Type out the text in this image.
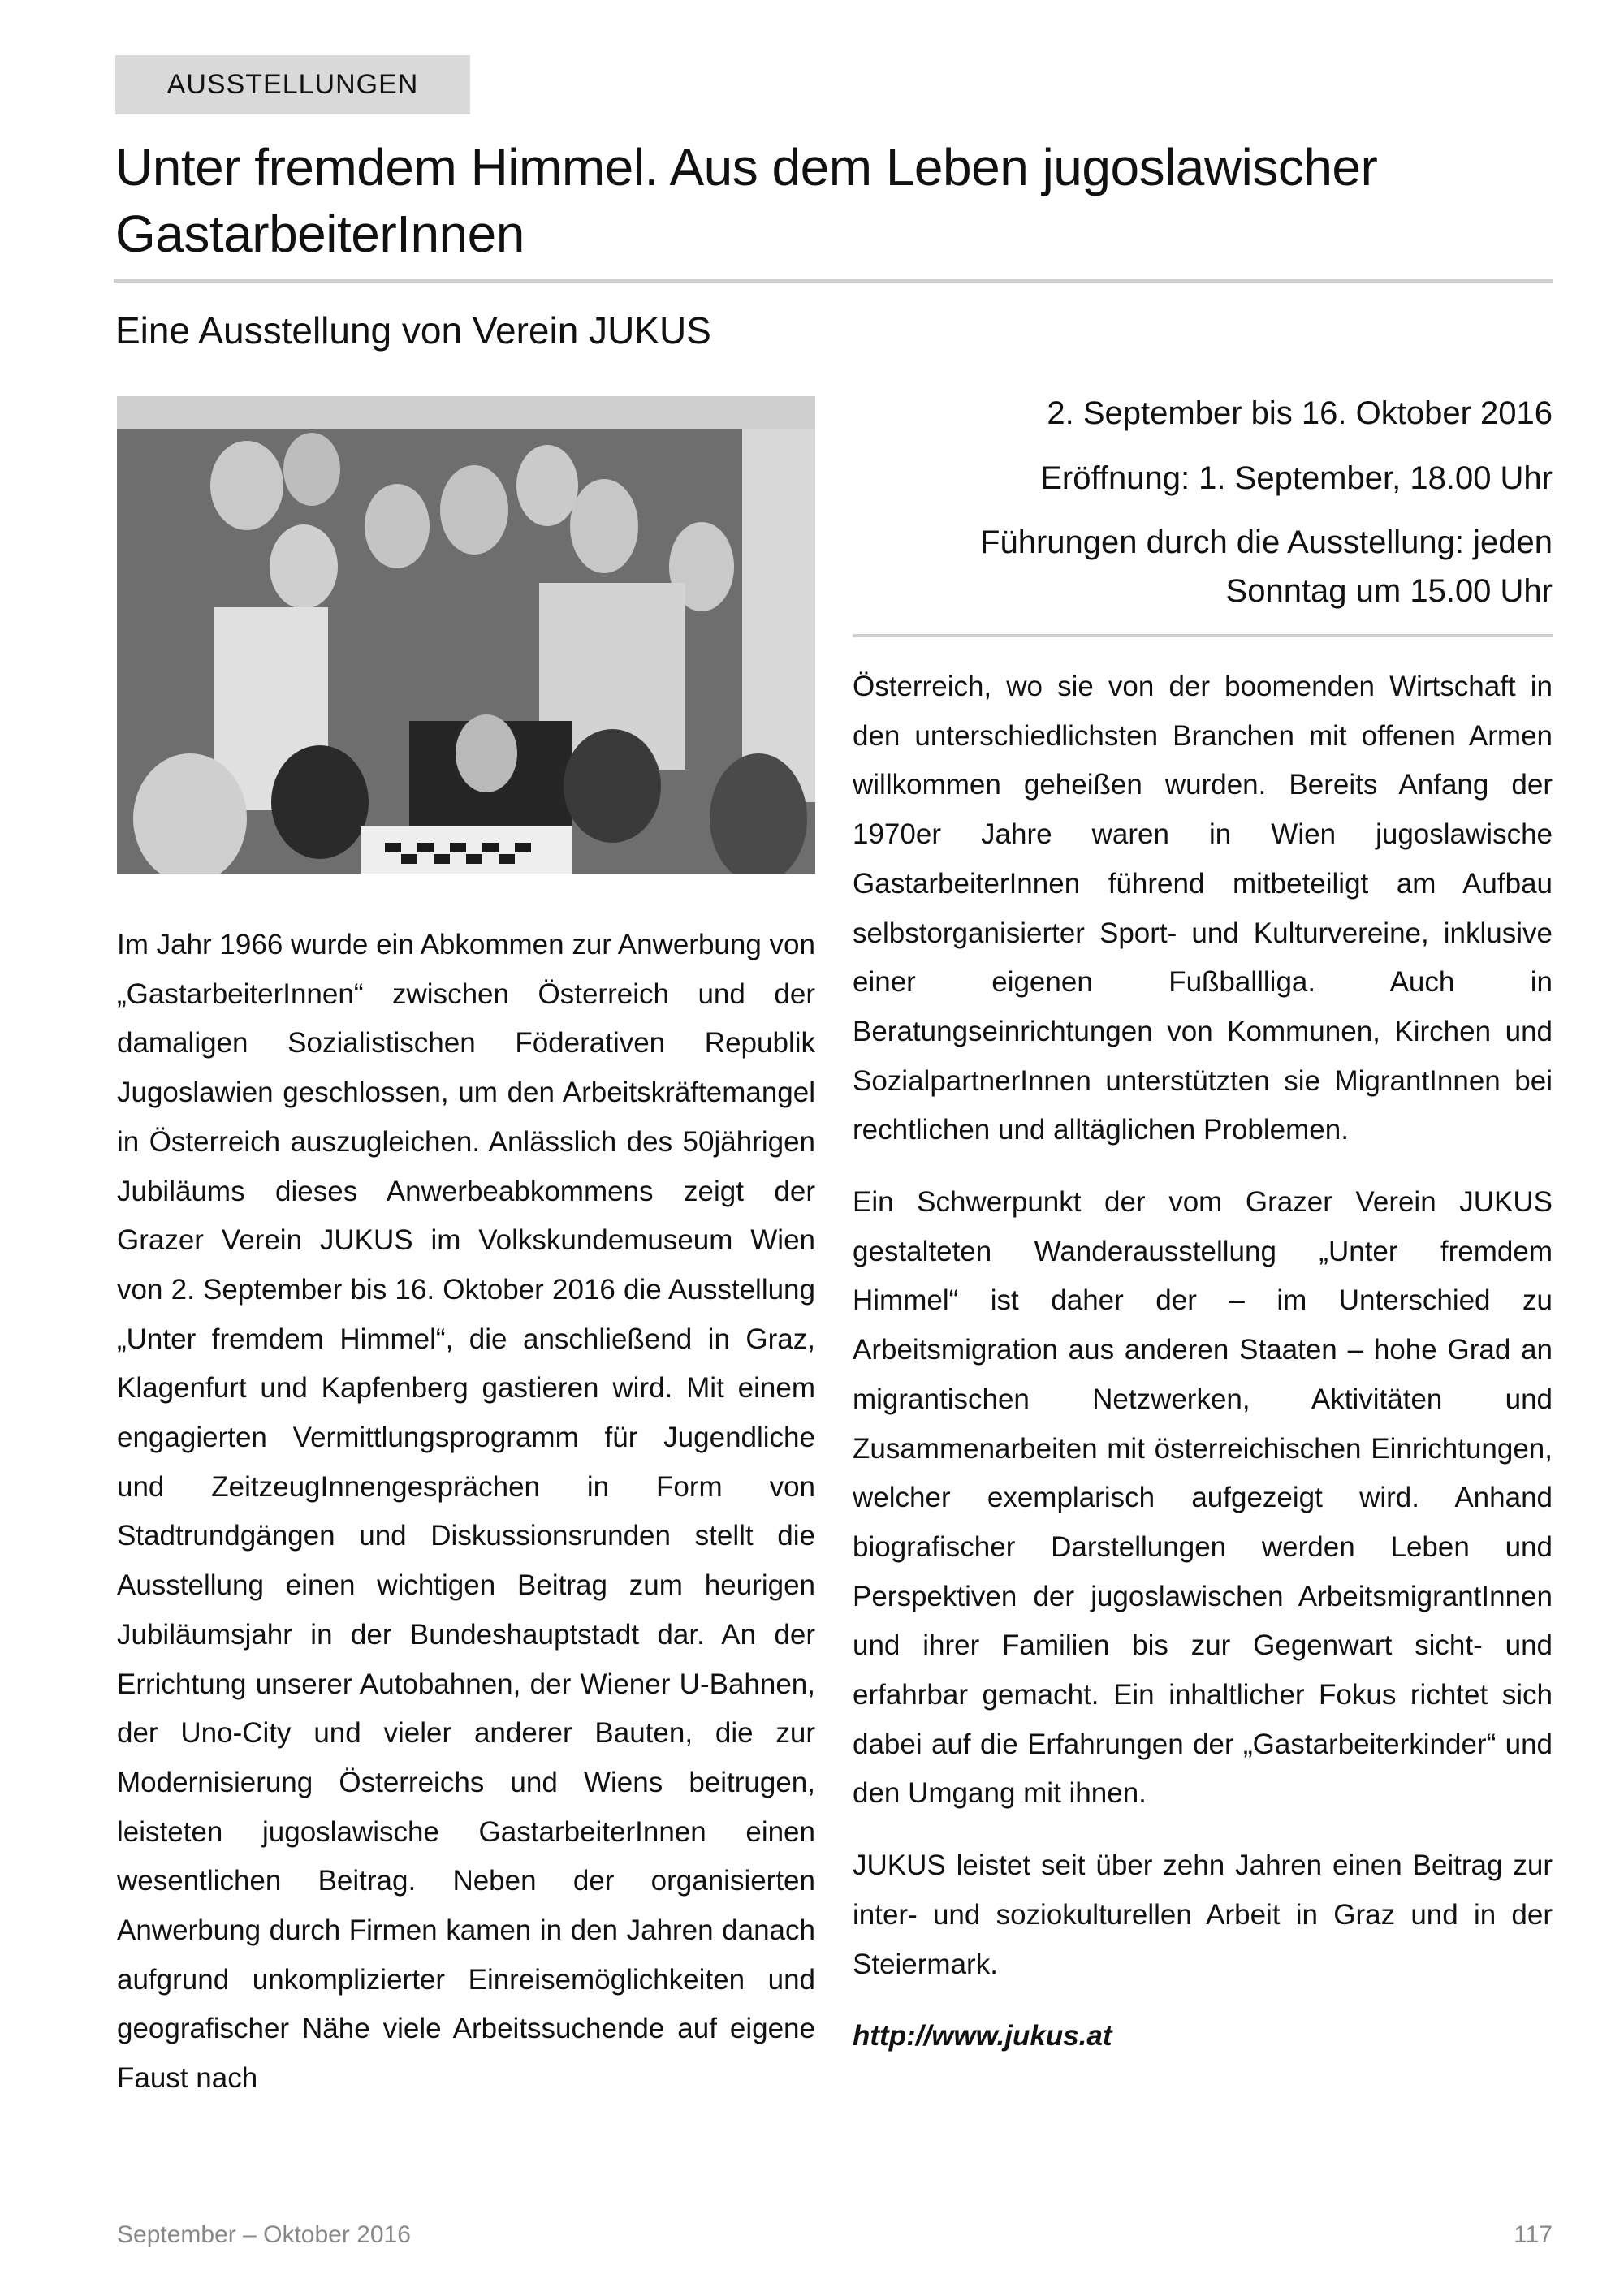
AUSSTELLUNGEN
Unter fremdem Himmel. Aus dem Leben jugoslawischer GastarbeiterInnen
Eine Ausstellung von Verein JUKUS
2. September bis 16. Oktober 2016
Eröffnung: 1. September, 18.00 Uhr
Führungen durch die Ausstellung: jeden Sonntag um 15.00 Uhr

Im Jahr 1966 wurde ein Abkommen zur Anwerbung von „GastarbeiterInnen“ zwischen Österreich und der damaligen Sozialistischen Föderativen Republik Jugoslawien geschlossen, um den Arbeitskräftemangel in Österreich auszugleichen. Anlässlich des 50jährigen Jubiläums dieses Anwerbeabkommens zeigt der Grazer Verein JUKUS im Volkskundemuseum Wien von 2. September bis 16. Oktober 2016 die Ausstellung „Unter fremdem Himmel“, die anschließend in Graz, Klagenfurt und Kapfenberg gastieren wird. Mit einem engagierten Vermittlungsprogramm für Jugendliche und ZeitzeugInnengesprächen in Form von Stadtrundgängen und Diskussionsrunden stellt die Ausstellung einen wichtigen Beitrag zum heurigen Jubiläumsjahr in der Bundeshauptstadt dar. An der Errichtung unserer Autobahnen, der Wiener U-Bahnen, der Uno-City und vieler anderer Bauten, die zur Modernisierung Österreichs und Wiens beitrugen, leisteten jugoslawische GastarbeiterInnen einen wesentlichen Beitrag. Neben der organisierten Anwerbung durch Firmen kamen in den Jahren danach aufgrund unkomplizierter Einreisemöglichkeiten und geografischer Nähe viele Arbeitssuchende auf eigene Faust nach

Österreich, wo sie von der boomenden Wirtschaft in den unterschiedlichsten Branchen mit offenen Armen willkommen geheißen wurden. Bereits Anfang der 1970er Jahre waren in Wien jugoslawische GastarbeiterInnen führend mitbeteiligt am Aufbau selbstorganisierter Sport- und Kulturvereine, inklusive einer eigenen Fußballliga. Auch in Beratungseinrichtungen von Kommunen, Kirchen und SozialpartnerInnen unterstützten sie MigrantInnen bei rechtlichen und alltäglichen Problemen.

Ein Schwerpunkt der vom Grazer Verein JUKUS gestalteten Wanderausstellung „Unter fremdem Himmel“ ist daher der – im Unterschied zu Arbeitsmigration aus anderen Staaten – hohe Grad an migrantischen Netzwerken, Aktivitäten und Zusammenarbeiten mit österreichischen Einrichtungen, welcher exemplarisch aufgezeigt wird. Anhand biografischer Darstellungen werden Leben und Perspektiven der jugoslawischen ArbeitsmigrantInnen und ihrer Familien bis zur Gegenwart sicht- und erfahrbar gemacht. Ein inhaltlicher Fokus richtet sich dabei auf die Erfahrungen der „Gastarbeiterkinder“ und den Umgang mit ihnen.

JUKUS leistet seit über zehn Jahren einen Beitrag zur inter- und soziokulturellen Arbeit in Graz und in der Steiermark.

http://www.jukus.at

September – Oktober 2016	117
